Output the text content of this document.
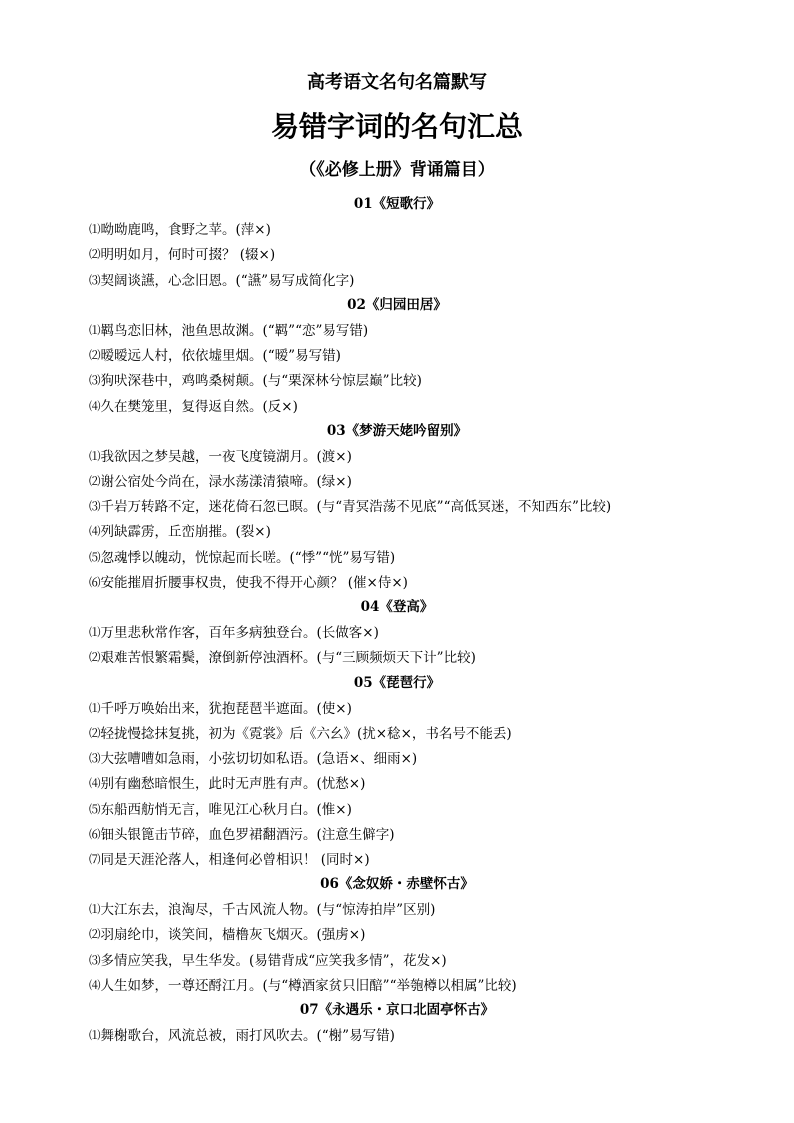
高考语文名句名篇默写
易错字词的名句汇总
（《必修上册》背诵篇目）
01《短歌行》
⑴呦呦鹿鸣，食野之苹。(萍×)
⑵明明如月，何时可掇？ (辍×)
⑶契阔谈讌，心念旧恩。(“讌”易写成简化字)
02《归园田居》
⑴羁鸟恋旧林，池鱼思故渊。(“羁”“恋”易写错)
⑵暧暧远人村，依依墟里烟。(“暧”易写错)
⑶狗吠深巷中，鸡鸣桑树颠。(与“栗深林兮惊层巅”比较)
⑷久在樊笼里，复得返自然。(反×)
03《梦游天姥吟留别》
⑴我欲因之梦吴越，一夜飞度镜湖月。(渡×)
⑵谢公宿处今尚在，渌水荡漾清猿啼。(绿×)
⑶千岩万转路不定，迷花倚石忽已暝。(与“青冥浩荡不见底”“高低冥迷，不知西东”比较)
⑷列缺霹雳，丘峦崩摧。(裂×)
⑸忽魂悸以魄动，恍惊起而长嗟。(“悸”“恍”易写错)
⑹安能摧眉折腰事权贵，使我不得开心颜？ (催×侍×)
04《登高》
⑴万里悲秋常作客，百年多病独登台。(长做客×)
⑵艰难苦恨繁霜鬓，潦倒新停浊酒杯。(与“三顾频烦天下计”比较)
05《琵琶行》
⑴千呼万唤始出来，犹抱琵琶半遮面。(使×)
⑵轻拢慢捻抹复挑，初为《霓裳》后《六幺》(扰×稔×，书名号不能丢)
⑶大弦嘈嘈如急雨，小弦切切如私语。(急语×、细雨×)
⑷别有幽愁暗恨生，此时无声胜有声。(忧愁×)
⑸东船西舫悄无言，唯见江心秋月白。(惟×)
⑹钿头银篦击节碎，血色罗裙翻酒污。(注意生僻字)
⑺同是天涯沦落人，相逢何必曾相识！ (同时×)
06《念奴娇・赤壁怀古》
⑴大江东去，浪淘尽，千古风流人物。(与“惊涛拍岸”区别)
⑵羽扇纶巾，谈笑间，樯橹灰飞烟灭。(强虏×)
⑶多情应笑我，早生华发。(易错背成“应笑我多情”，花发×)
⑷人生如梦，一尊还酹江月。(与“樽酒家贫只旧醅”“举匏樽以相属”比较)
07《永遇乐・京口北固亭怀古》
⑴舞榭歌台，风流总被，雨打风吹去。(“榭”易写错)
